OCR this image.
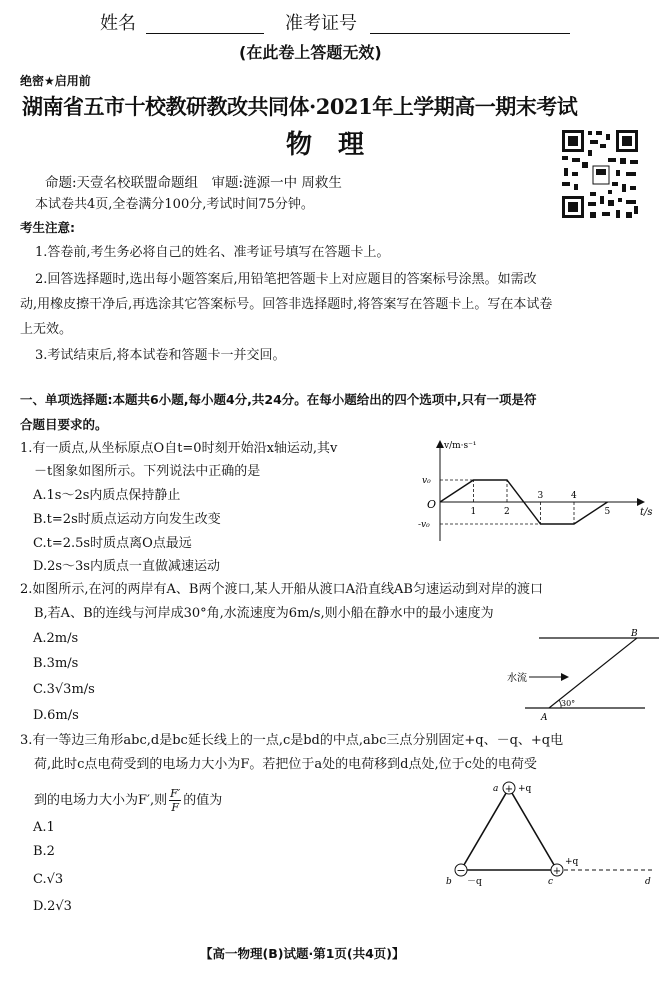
姓名	准考证号
(在此卷上答题无效)
绝密★启用前
湖南省五市十校教研教改共同体·2021年上学期高一期末考试
物　理
命题:天壹名校联盟命题组　审题:涟源一中 周救生
本试卷共4页,全卷满分100分,考试时间75分钟。
考生注意:
1.答卷前,考生务必将自己的姓名、准考证号填写在答题卡上。
2.回答选择题时,选出每小题答案后,用铅笔把答题卡上对应题目的答案标号涂黑。如需改
动,用橡皮擦干净后,再选涂其它答案标号。回答非选择题时,将答案写在答题卡上。写在本试卷
上无效。
3.考试结束后,将本试卷和答题卡一并交回。
一、单项选择题:本题共6小题,每小题4分,共24分。在每小题给出的四个选项中,只有一项是符
合题目要求的。
1.有一质点,从坐标原点O自t=0时刻开始沿x轴运动,其v
－t图象如图所示。下列说法中正确的是
A.1s～2s内质点保持静止
B.t=2s时质点运动方向发生改变
C.t=2.5s时质点离O点最远
D.2s～3s内质点一直做减速运动
v/m·s⁻¹
t/s
O
1	2
3	4
5
v₀
-v₀
2.如图所示,在河的两岸有A、B两个渡口,某人开船从渡口A沿直线AB匀速运动到对岸的渡口
B,若A、B的连线与河岸成30°角,水流速度为6m/s,则小船在静水中的最小速度为
A.2m/s
B.3m/s
C.3√3m/s
D.6m/s
水流
30°
A
B
3.有一等边三角形abc,d是bc延长线上的一点,c是bd的中点,abc三点分别固定+q、－q、+q电
荷,此时c点电荷受到的电场力大小为F。若把位于a处的电荷移到d点处,位于c处的电荷受
到的电场力大小为F′,则 $\frac{F'}{F}$ 的值为
A.1
B.2
C.√3
D.2√3
+
−	+
a +q
b －q	c
+q
d
【高一物理(B)试题·第1页(共4页)】
